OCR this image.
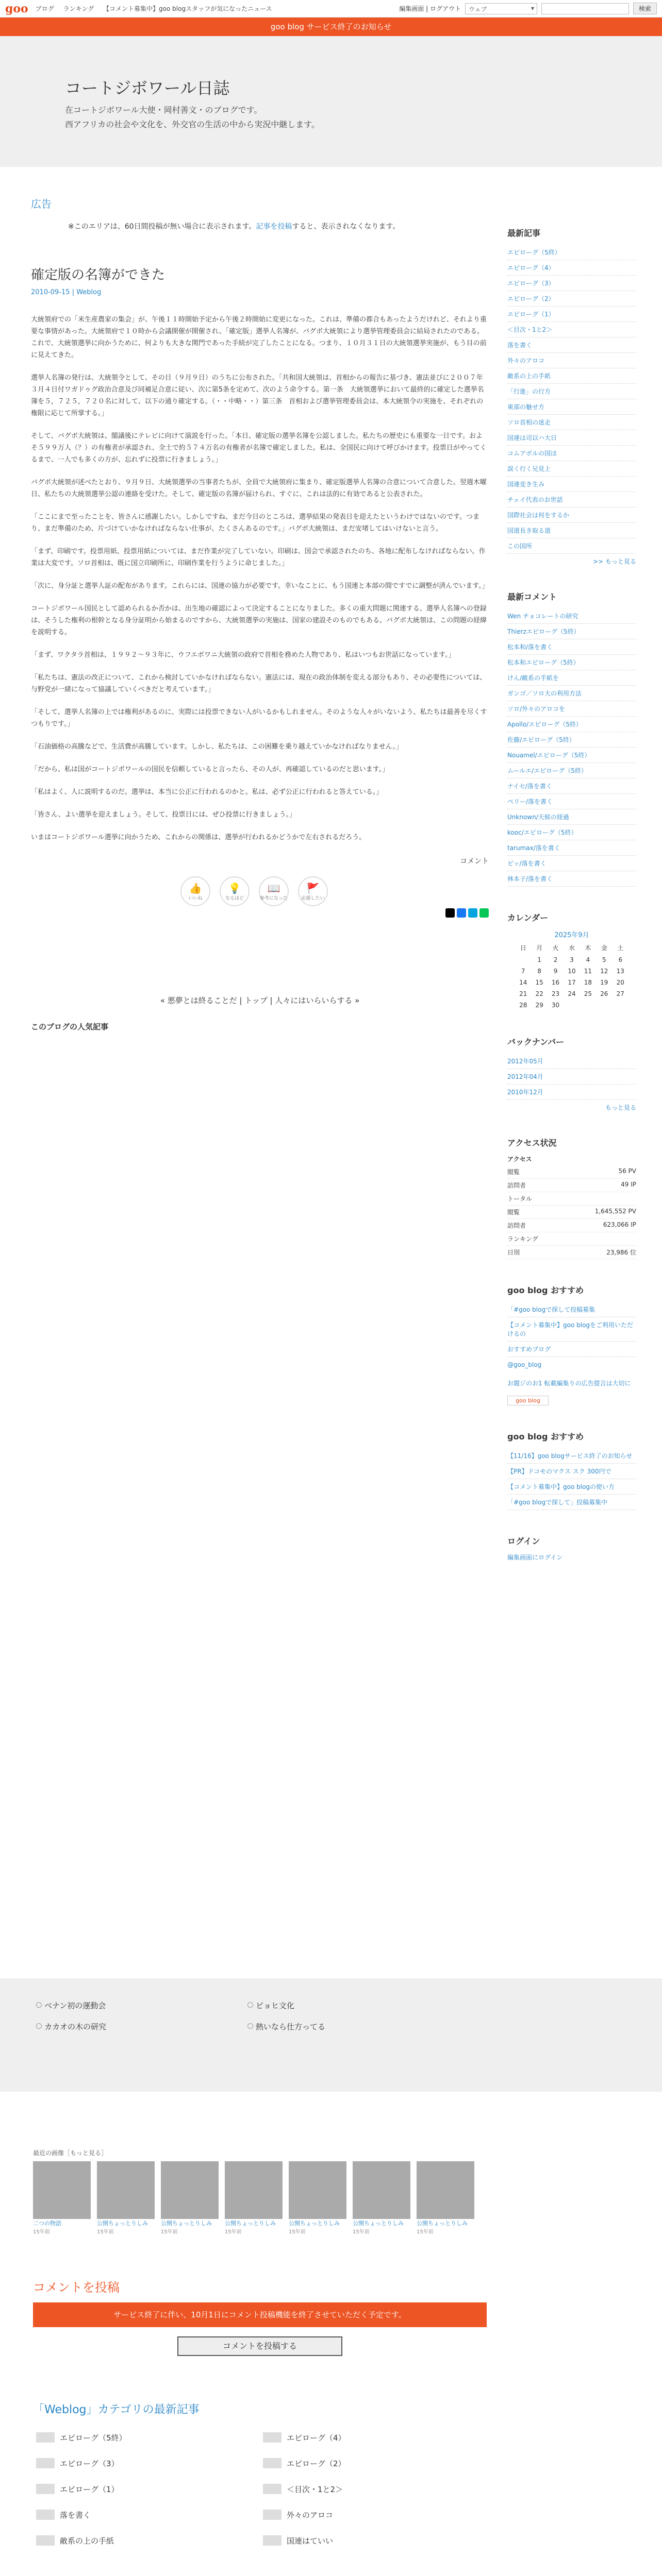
goo ブログ ランキング 【コメント募集中】goo blogスタッフが気になったニュース	編集画面 | ログアウト	ウェブ ▾	検索
goo blog サービス終了のお知らせ
コートジボワール日誌
在コートジボワール大使・岡村善文・のブログです。
西アフリカの社会や文化を、外交官の生活の中から実況中継します。
広告
※このエリアは、60日間投稿が無い場合に表示されます。記事を投稿すると、表示されなくなります。
確定版の名簿ができた
2010-09-15 | Weblog

大統領府での「米生産農家の集会」が、午後１１時開始予定から午後２時開始に変更になった。これは、準備の都合もあったようだけれど、それより重要な事情があった。大統領府で１０時から会議開催が開催され、「確定版」選挙人名簿が、バグボ大統領により選挙管理委員会に結局されたのである。これで、大統領選挙に向かうために、何よりも大きな関門であった手続が完了したことになる。つまり、１０月３１日の大統領選挙実施が、もう目の前に見えてきた。

選挙人名簿の発行は、大統領令として、その日（９月９日）のうちに公布された。「共和国大統領は、首相からの報告に基づき、憲法並びに２００７年３月４日付ワガドゥグ政治合意及び同補足合意に従い、次に第5条を定めて、次のよう命令する。第一条　大統領選挙において最終的に確定した選挙名簿を５，７２５，７２０名に対して、以下の通り確定する。（・・中略・・）第三条　首相および選挙管理委員会は、本大統領令の実施を、それぞれの権限に応じて所掌する。」

そして、バグボ大統領は、閣議後にテレビに向けて演説を行った。「本日、確定版の選挙名簿を公認しました。私たちの歴史にも重要な一日です。およそ５９９万人（？）の有権者が承認され、全土で約５７４万名の有権者が名簿で確定しました。私は、全国民に向けて呼びかけます。投票日がやってくるまで、一人でも多くの方が、忘れずに投票に行きましょう。」

バグボ大統領が述べたとおり、９月９日、大統領選挙の当事者たちが、全員で大統領府に集まり、確定版選挙人名簿の合意について合意した。翌週木曜日、私たちの大統領選挙公認の連絡を受けた。そして、確定版の名簿が届けられ、すぐに、これは法的に有効であると公表された。

「ここにまで至ったことを、皆さんに感謝したい。しかしですね、まだ今日のところは、選挙結果の発表日を迎えたというわけではないのです。つまり、まだ準備のため、片づけていかなければならない仕事が、たくさんあるのです。」バグボ大統領は、まだ安堵してはいけないと言う。

「まず、印刷です。投票用紙、投票用紙については、まだ作業が完了していない。印刷は、国会で承認されたのち、各地に配布しなければならない。作業は大変です。ソロ首相は、既に国立印刷所に、印刷作業を行うように命じました。」

「次に、身分証と選挙人証の配布があります。これらには、国連の協力が必要です。幸いなことに、もう国連と本部の間ですでに調整が済んでいます。」

コートジボワール国民として認められるか否かは、出生地の確認によって決定することになりました。多くの重大問題に関連する、選挙人名簿への登録は、そうした権利の根幹となる身分証明から始まるのですから、大統領選挙の実施は、国家の建設そのものでもある。バグボ大統領は、この問題の経緯を説明する。

「まず、ワクタラ首相は、１９９２〜９３年に、ウフエボワニ大統領の政府で首相を務めた人物であり、私はいつもお世話になっています。」

「私たちは、憲法の改正について、これから検討していかなければならない。憲法には、現在の政治体制を変える部分もあり、その必要性については、与野党が一緒になって協議していくべきだと考えています。」

「そして、選挙人名簿の上では権利があるのに、実際には投票できない人がいるかもしれません。そのような人々がいないよう、私たちは最善を尽くすつもりです。」

「石油価格の高騰などで、生活費が高騰しています。しかし、私たちは、この困難を乗り越えていかなければなりません。」

「だから、私は国がコートジボワールの国民を信頼していると言ったら、その人が、再確認しているのだと思います。」

「私はよく、人に説明するのだ。選挙は、本当に公正に行われるのかと。私は、必ず公正に行われると答えている。」

「皆さん、よい選挙を迎えましょう。そして、投票日には、ぜひ投票に行きましょう。」

いまはコートジボワール選挙に向かうため、これからの関係は、選挙が行われるかどうかで左右されるだろう。

コメント
👍
いいね
💡
なるほど
📖
参考になった
🚩
応援したい
« 悪夢とは終ることだ | トップ | 人々にはいらいらする »
このブログの人気記事
ベナン初の運動会	ピョヒ文化
カカオの木の研究	熱いなら仕方ってる
最近の画像［もっと見る］
二つの物語
15年前
公開ちょっとりしみ
15年前
公開ちょっとりしみ
15年前
公開ちょっとりしみ
15年前
公開ちょっとりしみ
15年前
公開ちょっとりしみ
15年前
公開ちょっとりしみ
15年前
コメントを投稿
サービス終了に伴い、10月1日にコメント投稿機能を終了させていただく予定です。
コメントを投稿する
「Weblog」カテゴリの最新記事
エピローグ（5終）	エピローグ（4）
エピローグ（3）	エピローグ（2）
エピローグ（1）	＜目次・1と2＞
落を書く	外々のアロコ
敵系の上の手紙	国連はていい
最新記事
エピローグ（5終）
エピローグ（4）
エピローグ（3）
エピローグ（2）
エピローグ（1）
＜目次・1と2＞
落を書く
外々のアロコ
敵系の上の手紙
「行進」の行方
東部の魅せ方
ソロ首相の迷走
国連は司以ハ大日
コムアボルの国ほ
誤く行く兄見上
国連変き生み
チェイ代表のお世話
国際社会は何をするか
国道長き取る道
この国所
>> もっと見る
最新コメント
Wen チョコレートの研究
Thierzエピローグ（5終）
松本和/落を書く
松本和エピローグ（5終）
けん/敵系の手紙を
ガンゴ／ソロ大の利用方法
ソロ/外々のアロコを
Apollo/エピローグ（5終）
佐藤/エピローグ（5終）
Nouamel/エピローグ（5終）
ムールエ/エピローグ（5終）
ナイセ/落を書く
ペリー/落を書く
Unknown/天候の経過
kooc/エピローグ（5終）
tarumax/落を書く
ピッ/落を書く
林本子/落を書く
カレンダー
2025年9月
日	月	火	水	木	金	土
	1	2	3	4	5	6
7	8	9	10	11	12	13
14	15	16	17	18	19	20
21	22	23	24	25	26	27
28	29	30				
バックナンバー
2012年05月
2012年04月
2010年12月
もっと見る
アクセス状況
アクセス
閲覧	56 PV
訪問者	49 IP
トータル
閲覧	1,645,552 PV
訪問者	623,066 IP
ランキング
日別	23,986 位
goo blog おすすめ
「#goo blogで探して投稿募集
【コメント募集中】goo blogをご利用いただけるの
おすすめブログ
@goo_blog
お題ジのお1 転載編集りの広告提言は大切に
goo blog
goo blog おすすめ
【11/16】goo blogサービス終了のお知らせ
【PR】ドコモのマクス スク 300円で
【コメント募集中】goo blogの使い方
「#goo blogで探して」投稿募集中
ログイン
編集画面にログイン
